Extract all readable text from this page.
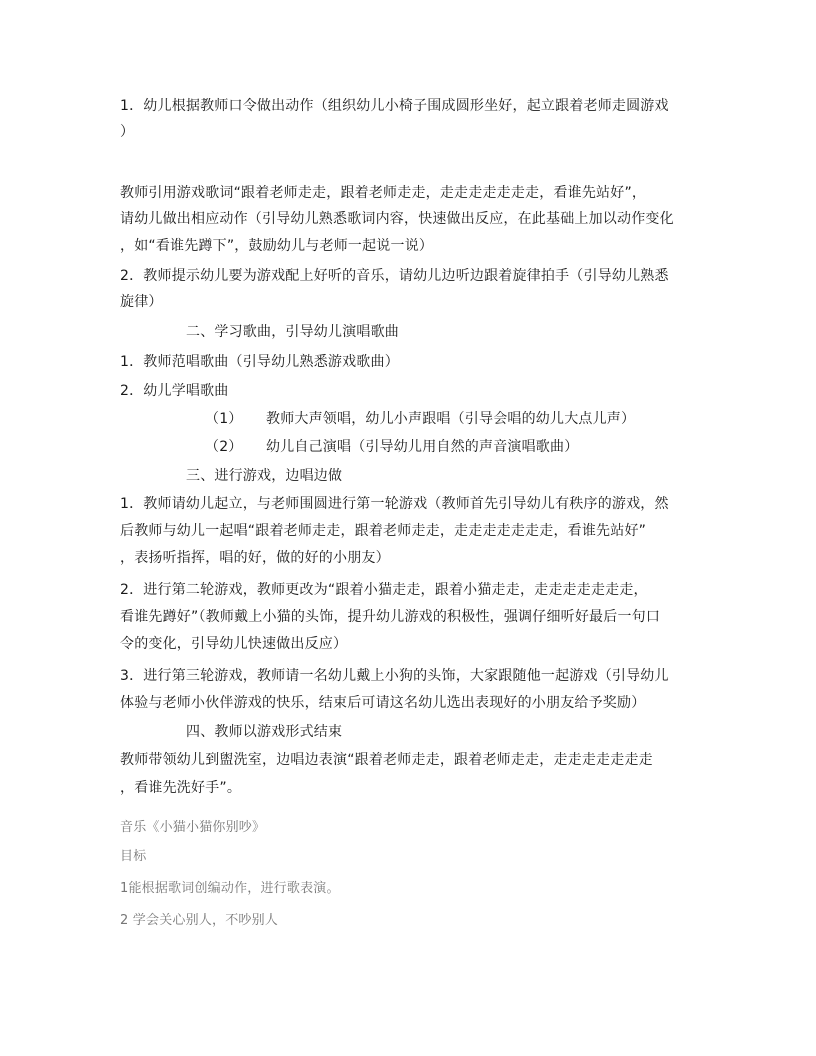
1．幼儿根据教师口令做出动作（组织幼儿小椅子围成圆形坐好，起立跟着老师走圆游戏
）
教师引用游戏歌词“跟着老师走走，跟着老师走走，走走走走走走走，看谁先站好”，
请幼儿做出相应动作（引导幼儿熟悉歌词内容，快速做出反应，在此基础上加以动作变化
，如“看谁先蹲下”，鼓励幼儿与老师一起说一说）
2．教师提示幼儿要为游戏配上好听的音乐，请幼儿边听边跟着旋律拍手（引导幼儿熟悉
旋律）
二、学习歌曲，引导幼儿演唱歌曲
1．教师范唱歌曲（引导幼儿熟悉游戏歌曲）
2．幼儿学唱歌曲
（1） 教师大声领唱，幼儿小声跟唱（引导会唱的幼儿大点儿声）
（2） 幼儿自己演唱（引导幼儿用自然的声音演唱歌曲）
三、进行游戏，边唱边做
1．教师请幼儿起立，与老师围圆进行第一轮游戏（教师首先引导幼儿有秩序的游戏，然
后教师与幼儿一起唱“跟着老师走走，跟着老师走走，走走走走走走走，看谁先站好”
，表扬听指挥，唱的好，做的好的小朋友）
2．进行第二轮游戏，教师更改为“跟着小猫走走，跟着小猫走走，走走走走走走走，
看谁先蹲好”（教师戴上小猫的头饰，提升幼儿游戏的积极性，强调仔细听好最后一句口
令的变化，引导幼儿快速做出反应）
3．进行第三轮游戏，教师请一名幼儿戴上小狗的头饰，大家跟随他一起游戏（引导幼儿
体验与老师小伙伴游戏的快乐，结束后可请这名幼儿选出表现好的小朋友给予奖励）
四、教师以游戏形式结束
教师带领幼儿到盥洗室，边唱边表演“跟着老师走走，跟着老师走走，走走走走走走走
，看谁先洗好手”。
音乐《小猫小猫你别吵》
目标
1能根据歌词创编动作，进行歌表演。
2 学会关心别人，不吵别人
